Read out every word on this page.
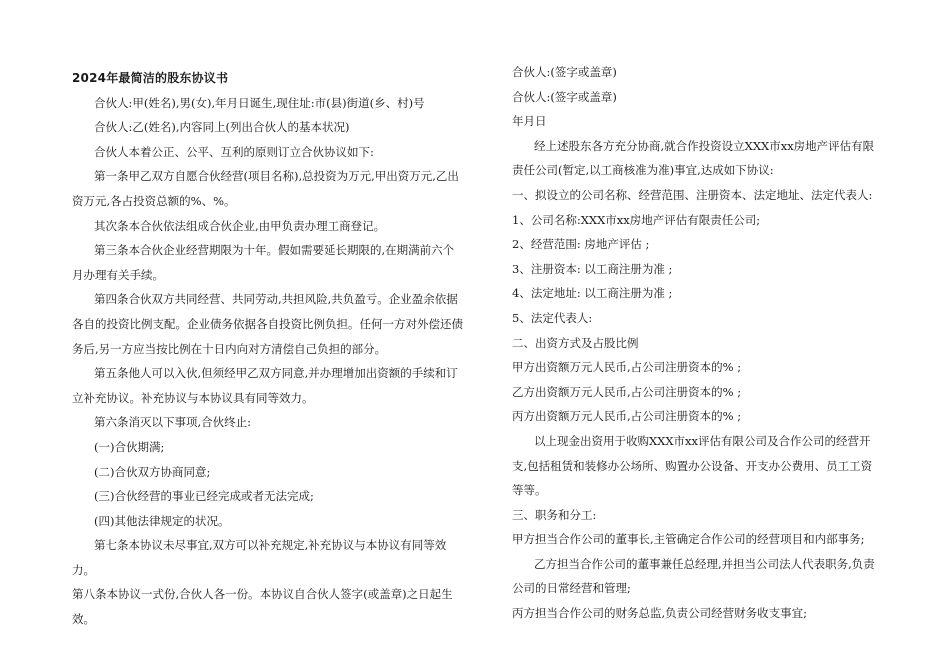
2024年最简洁的股东协议书

合伙人:甲(姓名),男(女),年月日诞生,现住址:市(县)街道(乡、村)号

合伙人:乙(姓名),内容同上(列出合伙人的基本状况)

合伙人本着公正、公平、互利的原则订立合伙协议如下:

第一条甲乙双方自愿合伙经营(项目名称),总投资为万元,甲出资万元,乙出资万元,各占投资总额的%、%。

其次条本合伙依法组成合伙企业,由甲负责办理工商登记。

第三条本合伙企业经营期限为十年。假如需要延长期限的,在期满前六个月办理有关手续。

第四条合伙双方共同经营、共同劳动,共担风险,共负盈亏。企业盈余依据各自的投资比例支配。企业债务依据各自投资比例负担。任何一方对外偿还债务后,另一方应当按比例在十日内向对方清偿自己负担的部分。

第五条他人可以入伙,但须经甲乙双方同意,并办理增加出资额的手续和订立补充协议。补充协议与本协议具有同等效力。

第六条消灭以下事项,合伙终止:

(一)合伙期满;

(二)合伙双方协商同意;

(三)合伙经营的事业已经完成或者无法完成;

(四)其他法律规定的状况。

第七条本协议未尽事宜,双方可以补充规定,补充协议与本协议有同等效力。

第八条本协议一式份,合伙人各一份。本协议自合伙人签字(或盖章)之日起生效。

合伙人:(签字或盖章)

合伙人:(签字或盖章)

年月日

经上述股东各方充分协商,就合作投资设立XXX市xx房地产评估有限责任公司(暂定,以工商核准为准)事宜,达成如下协议:

一、拟设立的公司名称、经营范围、注册资本、法定地址、法定代表人:

1、公司名称:XXX市xx房地产评估有限责任公司;

2、经营范围: 房地产评估 ;

3、注册资本: 以工商注册为准 ;

4、法定地址: 以工商注册为准 ;

5、法定代表人:

二、出资方式及占股比例

甲方出资额万元人民币,占公司注册资本的% ;

乙方出资额万元人民币,占公司注册资本的% ;

丙方出资额万元人民币,占公司注册资本的% ;

以上现金出资用于收购XXX市xx评估有限公司及合作公司的经营开支,包括租赁和装修办公场所、购置办公设备、开支办公费用、员工工资等等。

三、职务和分工:

甲方担当合作公司的董事长,主管确定合作公司的经营项目和内部事务;

乙方担当合作公司的董事兼任总经理,并担当公司法人代表职务,负责公司的日常经营和管理;

丙方担当合作公司的财务总监,负责公司经营财务收支事宜;
